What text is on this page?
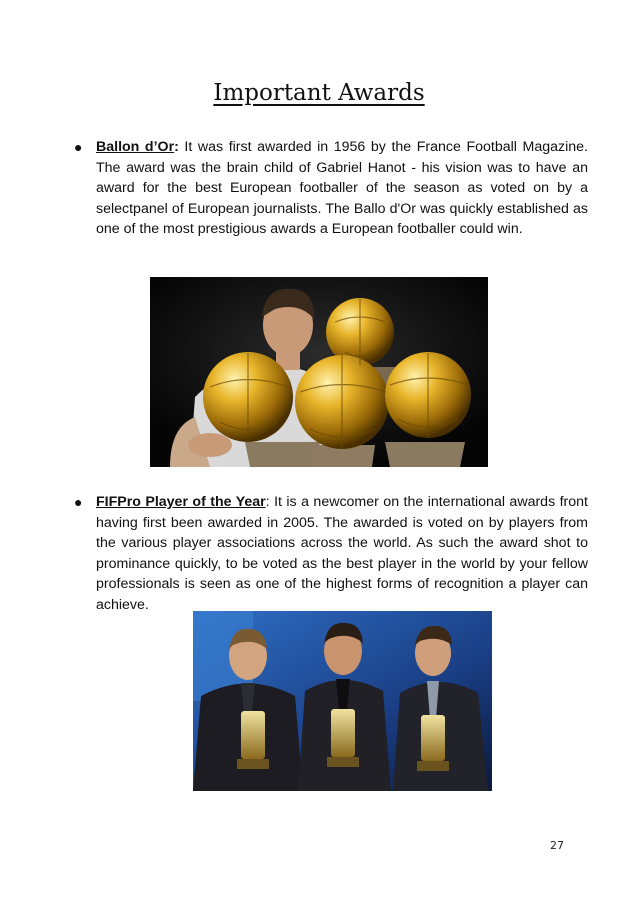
Important Awards
● Ballon d’Or: It was first awarded in 1956 by the France Football Magazine. The award was the brain child of Gabriel Hanot - his vision was to have an award for the best European footballer of the season as voted on by a selectpanel of European journalists. The Ballo d'Or was quickly established as one of the most prestigious awards a European footballer could win.
● FIFPro Player of the Year: It is a newcomer on the international awards front having first been awarded in 2005. The awarded is voted on by players from the various player associations across the world. As such the award shot to prominance quickly, to be voted as the best player in the world by your fellow professionals is seen as one of the highest forms of recognition a player can achieve.
27
